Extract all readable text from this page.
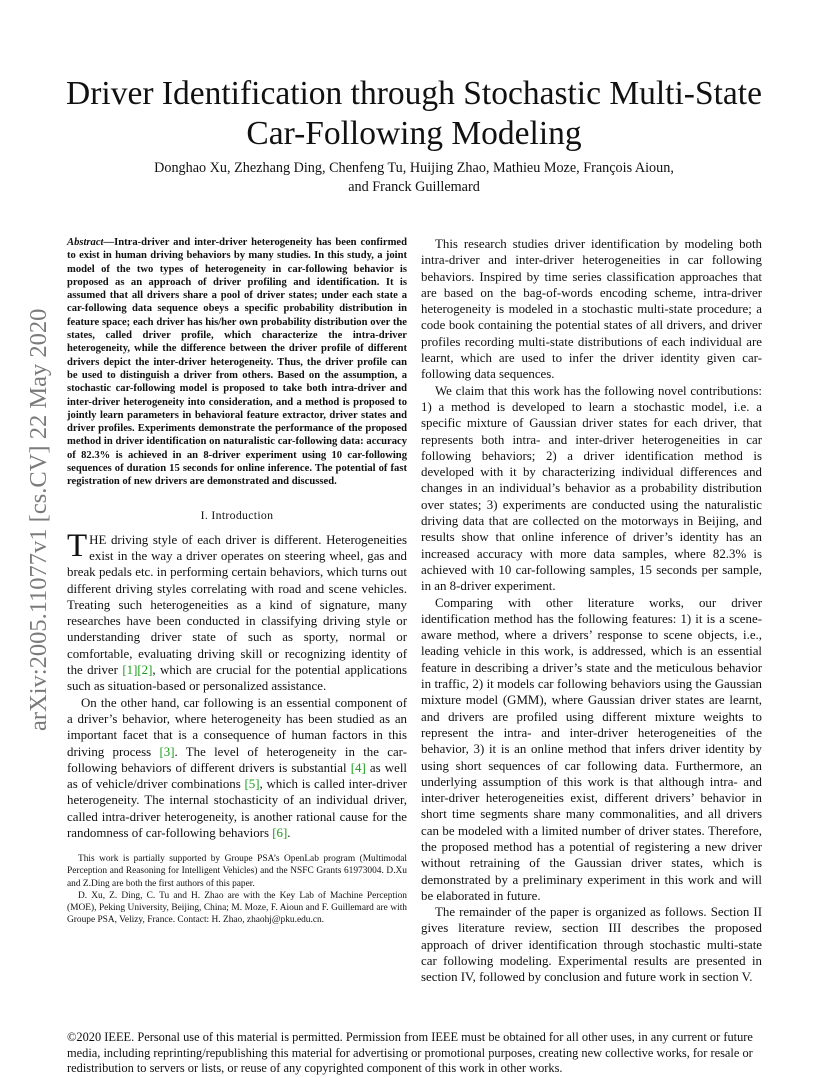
arXiv:2005.11077v1 [cs.CV] 22 May 2020
Driver Identification through Stochastic Multi-State
Car-Following Modeling
Donghao Xu, Zhezhang Ding, Chenfeng Tu, Huijing Zhao, Mathieu Moze, François Aioun,
and Franck Guillemard

Abstract—Intra-driver and inter-driver heterogeneity has been confirmed to exist in human driving behaviors by many studies. In this study, a joint model of the two types of heterogeneity in car-following behavior is proposed as an approach of driver profiling and identification. It is assumed that all drivers share a pool of driver states; under each state a car-following data sequence obeys a specific probability distribution in feature space; each driver has his/her own probability distribution over the states, called driver profile, which characterize the intra-driver heterogeneity, while the difference between the driver profile of different drivers depict the inter-driver heterogeneity. Thus, the driver profile can be used to distinguish a driver from others. Based on the assumption, a stochastic car-following model is proposed to take both intra-driver and inter-driver heterogeneity into consideration, and a method is proposed to jointly learn parameters in behavioral feature extractor, driver states and driver profiles. Experiments demonstrate the performance of the proposed method in driver identification on naturalistic car-following data: accuracy of 82.3% is achieved in an 8-driver experiment using 10 car-following sequences of duration 15 seconds for online inference. The potential of fast registration of new drivers are demonstrated and discussed.

I. Introduction

THE driving style of each driver is different. Heterogeneities exist in the way a driver operates on steering wheel, gas and break pedals etc. in performing certain behaviors, which turns out different driving styles correlating with road and scene vehicles. Treating such heterogeneities as a kind of signature, many researches have been conducted in classifying driving style or understanding driver state of such as sporty, normal or comfortable, evaluating driving skill or recognizing identity of the driver [1][2], which are crucial for the potential applications such as situation-based or personalized assistance.

On the other hand, car following is an essential component of a driver’s behavior, where heterogeneity has been studied as an important facet that is a consequence of human factors in this driving process [3]. The level of heterogeneity in the car-following behaviors of different drivers is substantial [4] as well as of vehicle/driver combinations [5], which is called inter-driver heterogeneity. The internal stochasticity of an individual driver, called intra-driver heterogeneity, is another rational cause for the randomness of car-following behaviors [6].

This work is partially supported by Groupe PSA’s OpenLab program (Multimodal Perception and Reasoning for Intelligent Vehicles) and the NSFC Grants 61973004. D.Xu and Z.Ding are both the first authors of this paper.

D. Xu, Z. Ding, C. Tu and H. Zhao are with the Key Lab of Machine Perception (MOE), Peking University, Beijing, China; M. Moze, F. Aioun and F. Guillemard are with Groupe PSA, Velizy, France. Contact: H. Zhao, zhaohj@pku.edu.cn.

This research studies driver identification by modeling both intra-driver and inter-driver heterogeneities in car following behaviors. Inspired by time series classification approaches that are based on the bag-of-words encoding scheme, intra-driver heterogeneity is modeled in a stochastic multi-state procedure; a code book containing the potential states of all drivers, and driver profiles recording multi-state distributions of each individual are learnt, which are used to infer the driver identity given car-following data sequences.

We claim that this work has the following novel contributions: 1) a method is developed to learn a stochastic model, i.e. a specific mixture of Gaussian driver states for each driver, that represents both intra- and inter-driver heterogeneities in car following behaviors; 2) a driver identification method is developed with it by characterizing individual differences and changes in an individual’s behavior as a probability distribution over states; 3) experiments are conducted using the naturalistic driving data that are collected on the motorways in Beijing, and results show that online inference of driver’s identity has an increased accuracy with more data samples, where 82.3% is achieved with 10 car-following samples, 15 seconds per sample, in an 8-driver experiment.

Comparing with other literature works, our driver identification method has the following features: 1) it is a scene-aware method, where a drivers’ response to scene objects, i.e., leading vehicle in this work, is addressed, which is an essential feature in describing a driver’s state and the meticulous behavior in traffic, 2) it models car following behaviors using the Gaussian mixture model (GMM), where Gaussian driver states are learnt, and drivers are profiled using different mixture weights to represent the intra- and inter-driver heterogeneities of the behavior, 3) it is an online method that infers driver identity by using short sequences of car following data. Furthermore, an underlying assumption of this work is that although intra- and inter-driver heterogeneities exist, different drivers’ behavior in short time segments share many commonalities, and all drivers can be modeled with a limited number of driver states. Therefore, the proposed method has a potential of registering a new driver without retraining of the Gaussian driver states, which is demonstrated by a preliminary experiment in this work and will be elaborated in future.

The remainder of the paper is organized as follows. Section II gives literature review, section III describes the proposed approach of driver identification through stochastic multi-state car following modeling. Experimental results are presented in section IV, followed by conclusion and future work in section V.

©2020 IEEE. Personal use of this material is permitted. Permission from IEEE must be obtained for all other uses, in any current or future media, including reprinting/republishing this material for advertising or promotional purposes, creating new collective works, for resale or redistribution to servers or lists, or reuse of any copyrighted component of this work in other works.
